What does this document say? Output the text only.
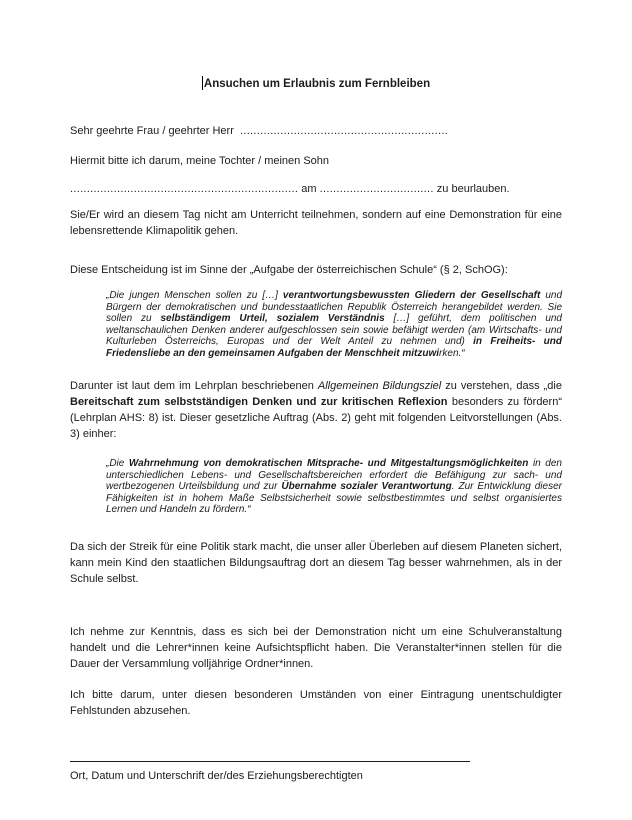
Ansuchen um Erlaubnis zum Fernbleiben

Sehr geehrte Frau / geehrter Herr ..............................................................

Hiermit bitte ich darum, meine Tochter / meinen Sohn

.................................................................... am .................................. zu beurlauben.

Sie/Er wird an diesem Tag nicht am Unterricht teilnehmen, sondern auf eine Demonstration für eine lebensrettende Klimapolitik gehen.

Diese Entscheidung ist im Sinne der „Aufgabe der österreichischen Schule“ (§ 2, SchOG):

„Die jungen Menschen sollen zu […] verantwortungsbewussten Gliedern der Gesellschaft und Bürgern der demokratischen und bundesstaatlichen Republik Österreich herangebildet werden. Sie sollen zu selbständigem Urteil, sozialem Verständnis […] geführt, dem politischen und weltanschaulichen Denken anderer aufgeschlossen sein sowie befähigt werden (am Wirtschafts- und Kulturleben Österreichs, Europas und der Welt Anteil zu nehmen und) in Freiheits- und Friedensliebe an den gemeinsamen Aufgaben der Menschheit mitzuwirken.“

Darunter ist laut dem im Lehrplan beschriebenen Allgemeinen Bildungsziel zu verstehen, dass „die Bereitschaft zum selbstständigen Denken und zur kritischen Reflexion besonders zu fördern“ (Lehrplan AHS: 8) ist. Dieser gesetzliche Auftrag (Abs. 2) geht mit folgenden Leitvorstellungen (Abs. 3) einher:

„Die Wahrnehmung von demokratischen Mitsprache- und Mitgestaltungsmöglichkeiten in den unterschiedlichen Lebens- und Gesellschaftsbereichen erfordert die Befähigung zur sach- und wertbezogenen Urteilsbildung und zur Übernahme sozialer Verantwortung. Zur Entwicklung dieser Fähigkeiten ist in hohem Maße Selbstsicherheit sowie selbstbestimmtes und selbst organisiertes Lernen und Handeln zu fördern.“

Da sich der Streik für eine Politik stark macht, die unser aller Überleben auf diesem Planeten sichert, kann mein Kind den staatlichen Bildungsauftrag dort an diesem Tag besser wahrnehmen, als in der Schule selbst.

Ich nehme zur Kenntnis, dass es sich bei der Demonstration nicht um eine Schulveranstaltung handelt und die Lehrer*innen keine Aufsichtspflicht haben. Die Veranstalter*innen stellen für die Dauer der Versammlung volljährige Ordner*innen.

Ich bitte darum, unter diesen besonderen Umständen von einer Eintragung unentschuldigter Fehlstunden abzusehen.

Ort, Datum und Unterschrift der/des Erziehungsberechtigten
